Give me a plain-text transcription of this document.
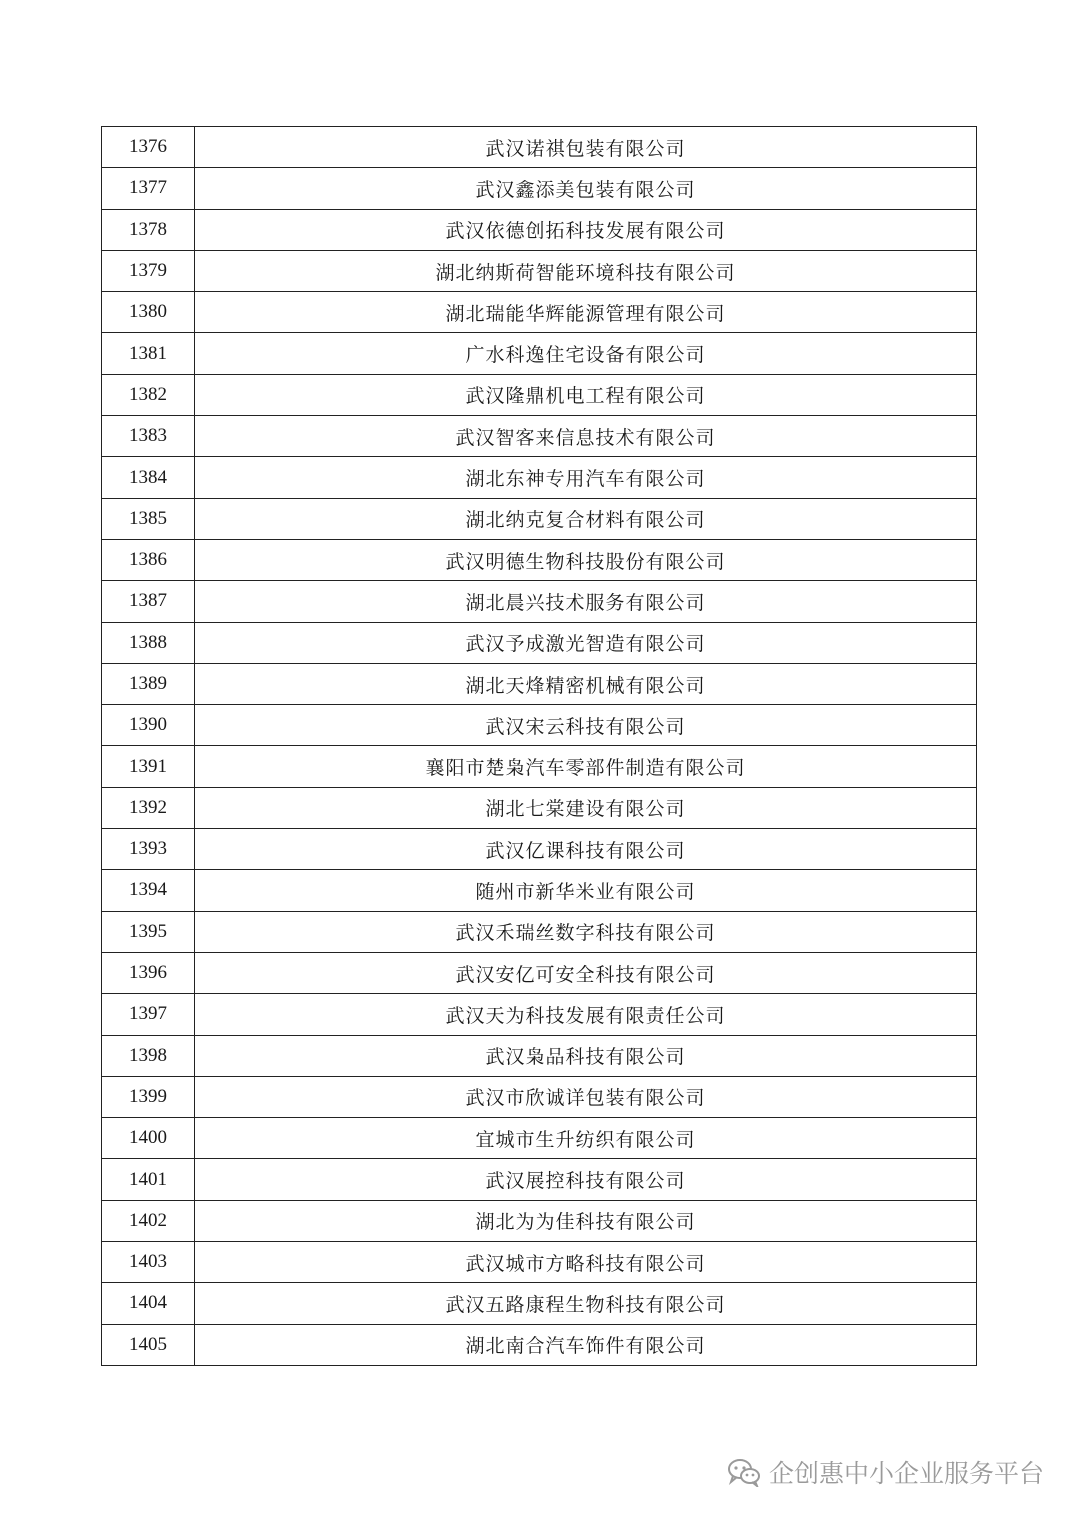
1376	武汉诺祺包装有限公司
1377	武汉鑫添美包装有限公司
1378	武汉依德创拓科技发展有限公司
1379	湖北纳斯荷智能环境科技有限公司
1380	湖北瑞能华辉能源管理有限公司
1381	广水科逸住宅设备有限公司
1382	武汉隆鼎机电工程有限公司
1383	武汉智客来信息技术有限公司
1384	湖北东神专用汽车有限公司
1385	湖北纳克复合材料有限公司
1386	武汉明德生物科技股份有限公司
1387	湖北晨兴技术服务有限公司
1388	武汉予成激光智造有限公司
1389	湖北天烽精密机械有限公司
1390	武汉宋云科技有限公司
1391	襄阳市楚枭汽车零部件制造有限公司
1392	湖北七棠建设有限公司
1393	武汉亿课科技有限公司
1394	随州市新华米业有限公司
1395	武汉禾瑞丝数字科技有限公司
1396	武汉安亿可安全科技有限公司
1397	武汉天为科技发展有限责任公司
1398	武汉枭品科技有限公司
1399	武汉市欣诚详包装有限公司
1400	宜城市生升纺织有限公司
1401	武汉展控科技有限公司
1402	湖北为为佳科技有限公司
1403	武汉城市方略科技有限公司
1404	武汉五路康程生物科技有限公司
1405	湖北南合汽车饰件有限公司
企创惠中小企业服务平台
